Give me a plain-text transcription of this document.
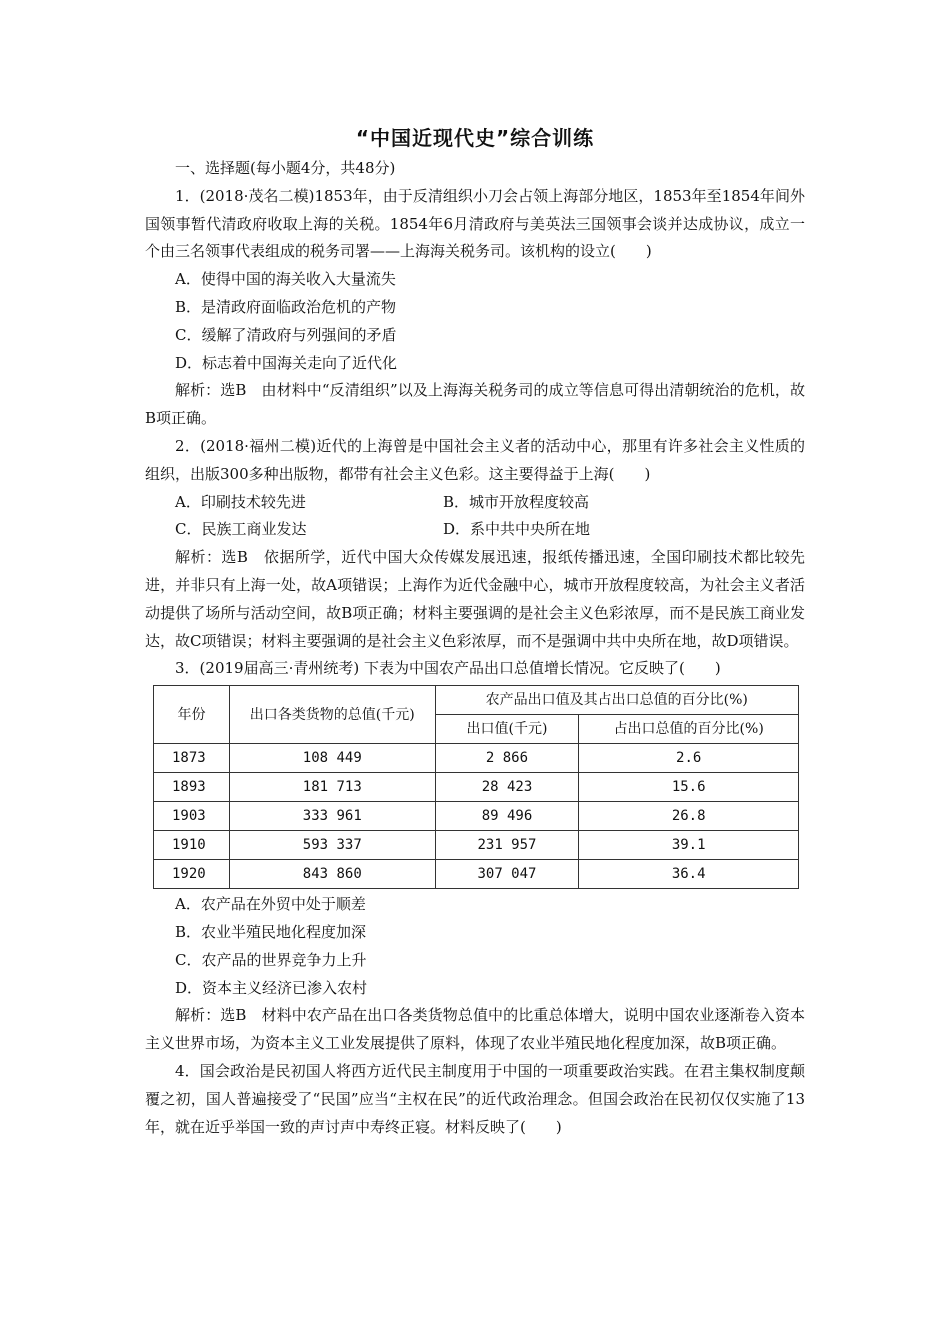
“中国近现代史”综合训练

一、选择题(每小题4分，共48分)

1．(2018·茂名二模)1853年，由于反清组织小刀会占领上海部分地区，1853年至1854年间外国领事暂代清政府收取上海的关税。1854年6月清政府与美英法三国领事会谈并达成协议，成立一个由三名领事代表组成的税务司署——上海海关税务司。该机构的设立(　　)

A．使得中国的海关收入大量流失

B．是清政府面临政治危机的产物

C．缓解了清政府与列强间的矛盾

D．标志着中国海关走向了近代化

解析：选B　由材料中“反清组织”以及上海海关税务司的成立等信息可得出清朝统治的危机，故B项正确。

2．(2018·福州二模)近代的上海曾是中国社会主义者的活动中心，那里有许多社会主义性质的组织，出版300多种出版物，都带有社会主义色彩。这主要得益于上海(　　)

A．印刷技术较先进	B．城市开放程度较高
C．民族工商业发达	D．系中共中央所在地

解析：选B　依据所学，近代中国大众传媒发展迅速，报纸传播迅速，全国印刷技术都比较先进，并非只有上海一处，故A项错误；上海作为近代金融中心，城市开放程度较高，为社会主义者活动提供了场所与活动空间，故B项正确；材料主要强调的是社会主义色彩浓厚，而不是民族工商业发达，故C项错误；材料主要强调的是社会主义色彩浓厚，而不是强调中共中央所在地，故D项错误。

3．(2019届高三·青州统考) 下表为中国农产品出口总值增长情况。它反映了(　　)

年份	出口各类货物的总值(千元)	农产品出口值及其占出口总值的百分比(%)	
		出口值(千元)	占出口总值的百分比(%)
1873	108 449	2 866	2.6
1893	181 713	28 423	15.6
1903	333 961	89 496	26.8
1910	593 337	231 957	39.1
1920	843 860	307 047	36.4

A．农产品在外贸中处于顺差

B．农业半殖民地化程度加深

C．农产品的世界竞争力上升

D．资本主义经济已渗入农村

解析：选B　材料中农产品在出口各类货物总值中的比重总体增大，说明中国农业逐渐卷入资本主义世界市场，为资本主义工业发展提供了原料，体现了农业半殖民地化程度加深，故B项正确。

4．国会政治是民初国人将西方近代民主制度用于中国的一项重要政治实践。在君主集权制度颠覆之初，国人普遍接受了“民国”应当“主权在民”的近代政治理念。但国会政治在民初仅仅实施了13年，就在近乎举国一致的声讨声中寿终正寝。材料反映了(　　)
